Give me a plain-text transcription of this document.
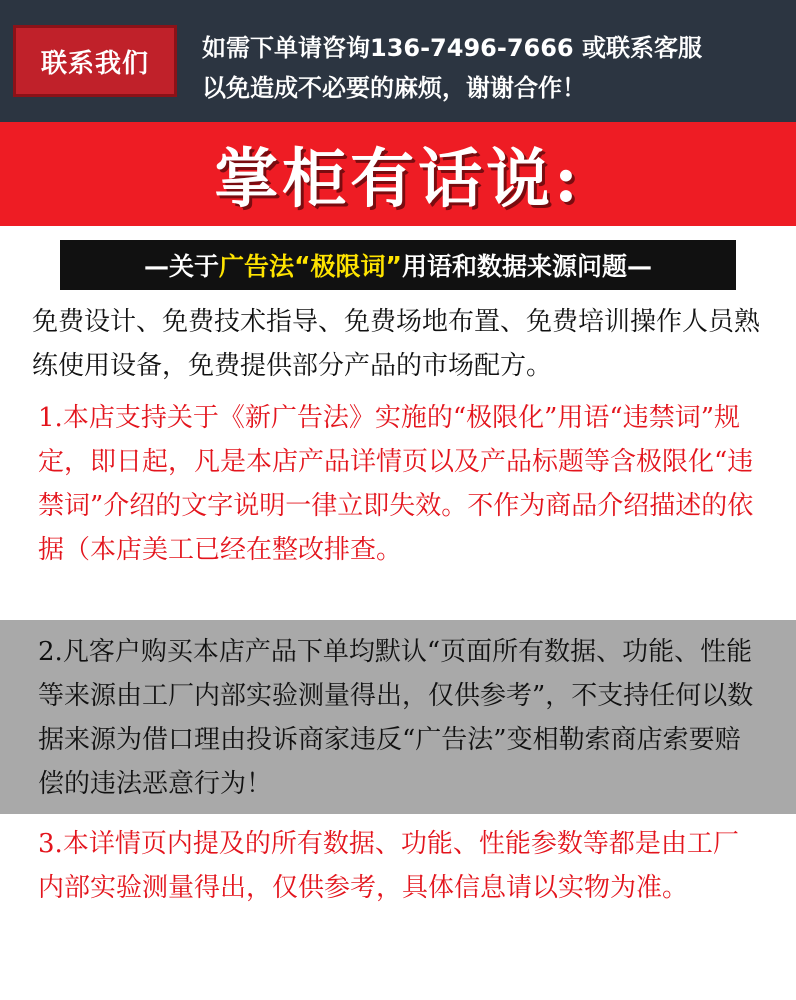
联系我们
如需下单请咨询136-7496-7666 或联系客服
以免造成不必要的麻烦，谢谢合作！
掌柜有话说:
—关于 广告法 “ 极限词 ” 用语和数据来源问题—
免费设计、免费技术指导、免费场地布置、免费培训操作人员熟练使用设备，免费提供部分产品的市场配方。

1.本店支持关于《新广告法》实施的“极限化”用语“违禁词”规定，即日起，凡是本店产品详情页以及产品标题等含极限化“违禁词”介绍的文字说明一律立即失效。不作为商品介绍描述的依据（本店美工已经在整改排查。

2.凡客户购买本店产品下单均默认“页面所有数据、功能、性能等来源由工厂内部实验测量得出，仅供参考”，不支持任何以数据来源为借口理由投诉商家违反“广告法”变相勒索商店索要赔偿的违法恶意行为！

3.本详情页内提及的所有数据、功能、性能参数等都是由工厂内部实验测量得出，仅供参考，具体信息请以实物为准。
